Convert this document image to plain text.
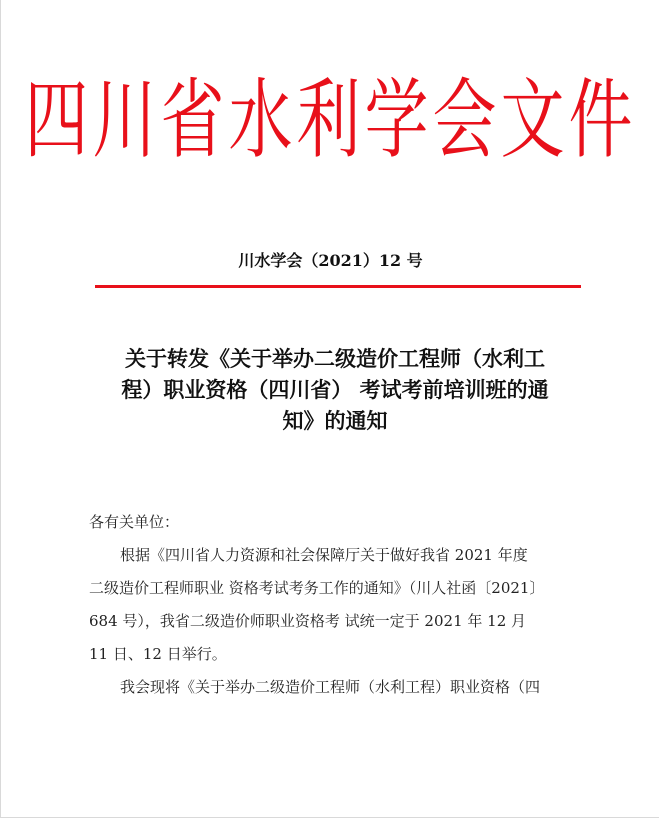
四川省水利学会文件
川水学会（2021）12 号
关于转发《关于举办二级造价工程师（水利工
程）职业资格（四川省） 考试考前培训班的通
知》的通知
各有关单位：
根据《四川省人力资源和社会保障厅关于做好我省 2021 年度
二级造价工程师职业 资格考试考务工作的通知》（川人社函〔2021〕
684 号），我省二级造价师职业资格考 试统一定于 2021 年 12 月
11 日、12 日举行。
我会现将《关于举办二级造价工程师（水利工程）职业资格（四
